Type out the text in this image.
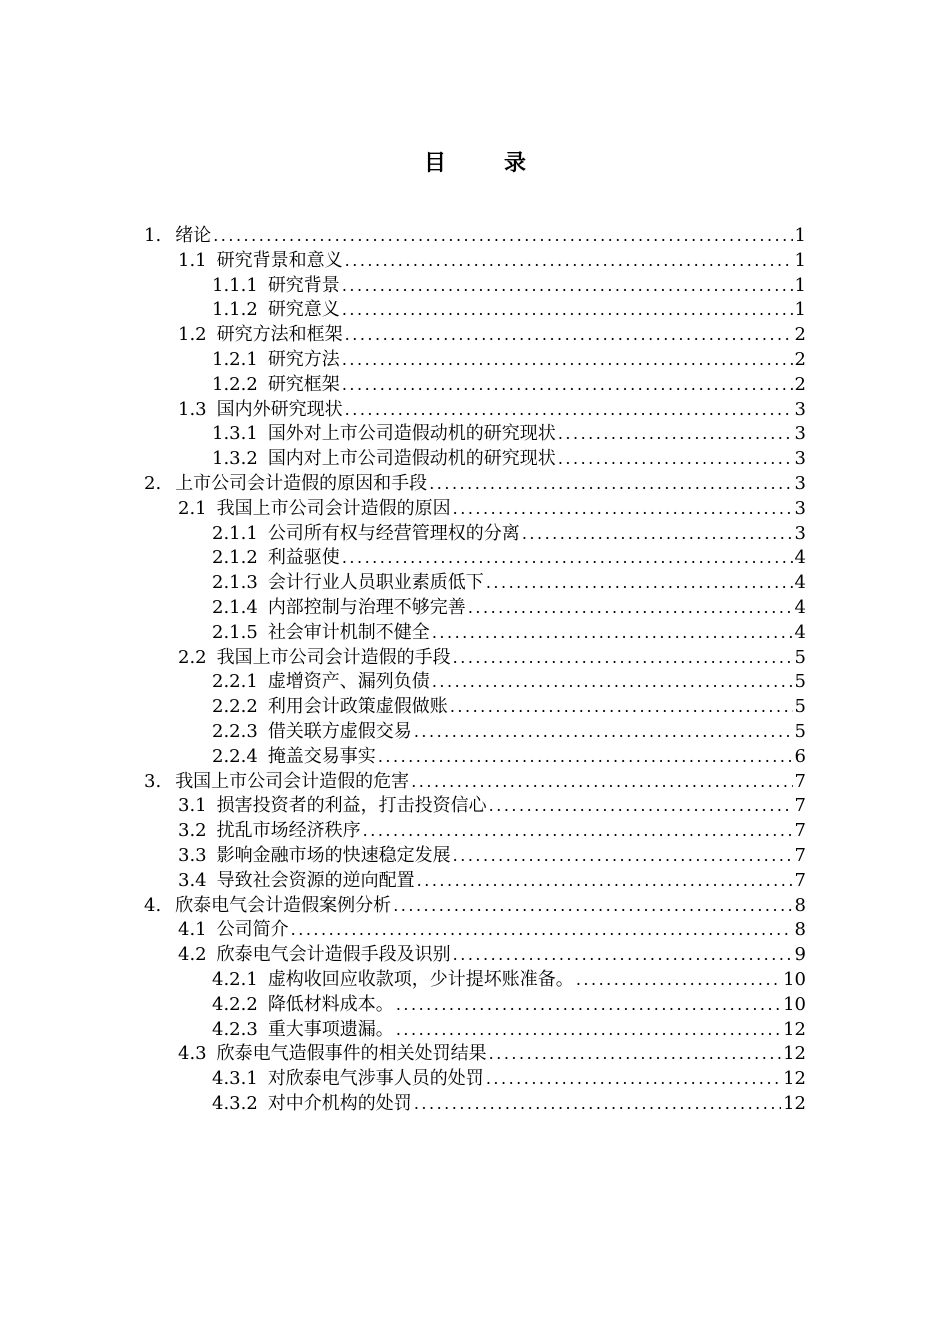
目　录
1. 绪论 .....	1
1.1 研究背景和意义 .....	1
1.1.1 研究背景 .....	1
1.1.2 研究意义 .....	1
1.2 研究方法和框架 .....	2
1.2.1 研究方法 .....	2
1.2.2 研究框架 .....	2
1.3 国内外研究现状 .....	3
1.3.1 国外对上市公司造假动机的研究现状 .....	3
1.3.2 国内对上市公司造假动机的研究现状 .....	3
2. 上市公司会计造假的原因和手段 .....	3
2.1 我国上市公司会计造假的原因 .....	3
2.1.1 公司所有权与经营管理权的分离 .....	3
2.1.2 利益驱使 .....	4
2.1.3 会计行业人员职业素质低下 .....	4
2.1.4 内部控制与治理不够完善 .....	4
2.1.5 社会审计机制不健全 .....	4
2.2 我国上市公司会计造假的手段 .....	5
2.2.1 虚增资产、漏列负债 .....	5
2.2.2 利用会计政策虚假做账 .....	5
2.2.3 借关联方虚假交易 .....	5
2.2.4 掩盖交易事实 .....	6
3. 我国上市公司会计造假的危害 .....	7
3.1 损害投资者的利益，打击投资信心 .....	7
3.2 扰乱市场经济秩序 .....	7
3.3 影响金融市场的快速稳定发展 .....	7
3.4 导致社会资源的逆向配置 .....	7
4. 欣泰电气会计造假案例分析 .....	8
4.1 公司简介 .....	8
4.2 欣泰电气会计造假手段及识别 .....	9
4.2.1 虚构收回应收款项，少计提坏账准备。 .....	10
4.2.2 降低材料成本。 .....	10
4.2.3 重大事项遗漏。 .....	12
4.3 欣泰电气造假事件的相关处罚结果 .....	12
4.3.1 对欣泰电气涉事人员的处罚 .....	12
4.3.2 对中介机构的处罚 .....	12
